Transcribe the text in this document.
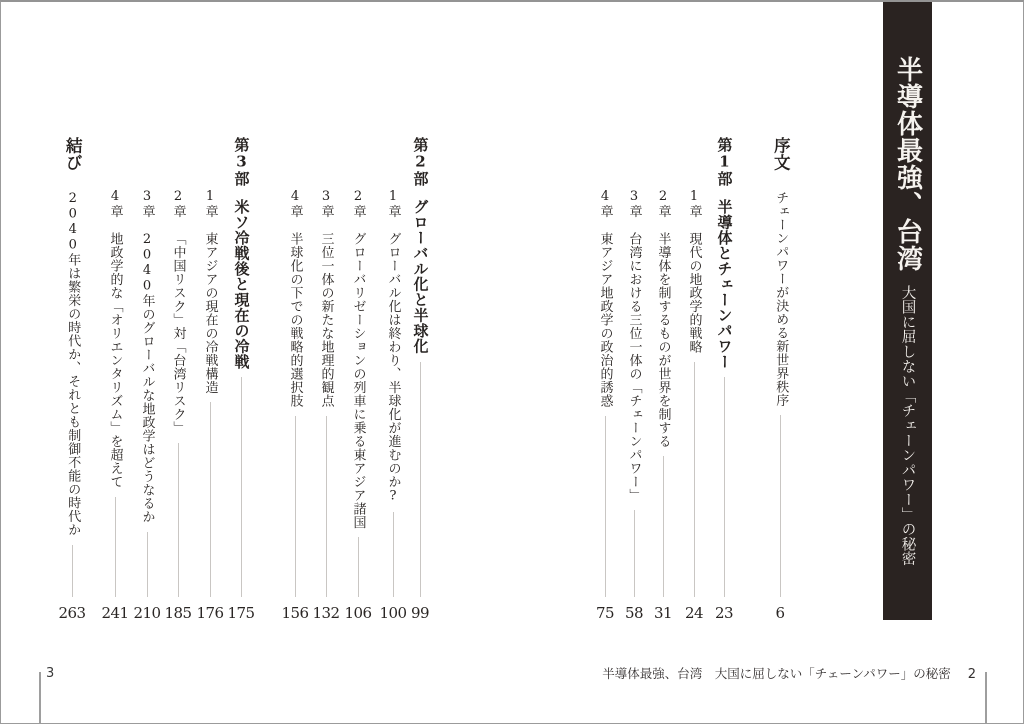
結び2040年は繁栄の時代か、それとも制御不能の時代か
263
第3部米ソ冷戦後と現在の冷戦
175
1章東アジアの現在の冷戦構造
176
2章「中国リスク」対「台湾リスク」
185
3章2040年のグローバルな地政学はどうなるか
210
4章地政学的な「オリエンタリズム」を超えて
241
第2部グローバル化と半球化
99
1章グローバル化は終わり、半球化が進むのか?
100
2章グローバリゼーションの列車に乗る東アジア諸国
106
3章三位一体の新たな地理的観点
132
4章半球化の下での戦略的選択肢
156
第1部半導体とチェーンパワー
23
1章現代の地政学的戦略
24
2章半導体を制するものが世界を制する
31
3章台湾における三位一体の「チェーンパワー」
58
4章東アジア地政学の政治的誘惑
75
序文チェーンパワーが決める新世界秩序
6
半導体最強、台湾大国に屈しない「チェーンパワー」の秘密
3	半導体最強、台湾　大国に屈しない「チェーンパワー」の秘密 2
